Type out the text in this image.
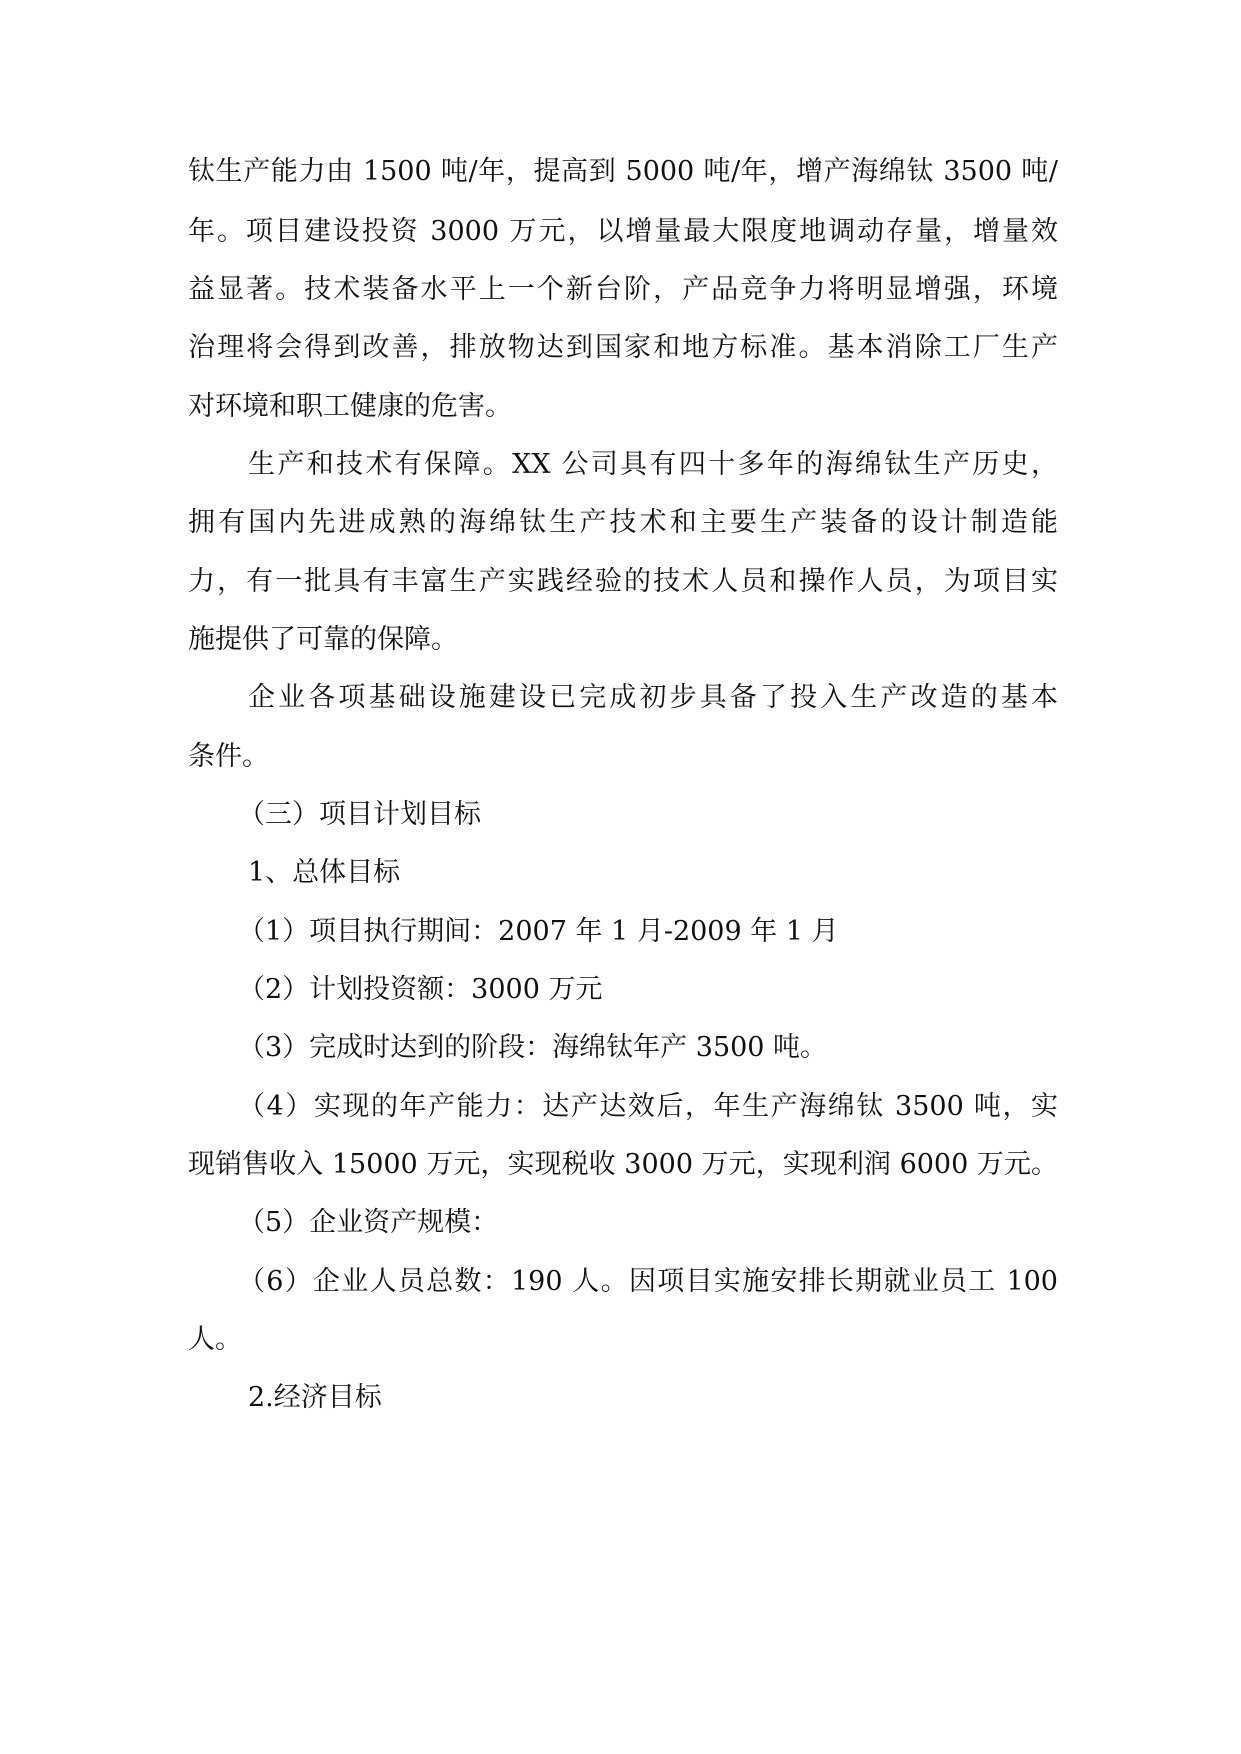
钛生产能力由 1500 吨/年，提高到 5000 吨/年，增产海绵钛 3500 吨/
年。项目建设投资 3000 万元，以增量最大限度地调动存量，增量效
益显著。技术装备水平上一个新台阶，产品竞争力将明显增强，环境
治理将会得到改善，排放物达到国家和地方标准。基本消除工厂生产
对环境和职工健康的危害。
生产和技术有保障。XX 公司具有四十多年的海绵钛生产历史，
拥有国内先进成熟的海绵钛生产技术和主要生产装备的设计制造能
力，有一批具有丰富生产实践经验的技术人员和操作人员，为项目实
施提供了可靠的保障。
企业各项基础设施建设已完成初步具备了投入生产改造的基本
条件。
（三）项目计划目标
1、总体目标
（1）项目执行期间：2007 年 1 月-2009 年 1 月
（2）计划投资额：3000 万元
（3）完成时达到的阶段：海绵钛年产 3500 吨。
（4）实现的年产能力：达产达效后，年生产海绵钛 3500 吨，实
现销售收入 15000 万元，实现税收 3000 万元，实现利润 6000 万元。
（5）企业资产规模：
（6）企业人员总数：190 人。因项目实施安排长期就业员工 100
人。
2.经济目标
